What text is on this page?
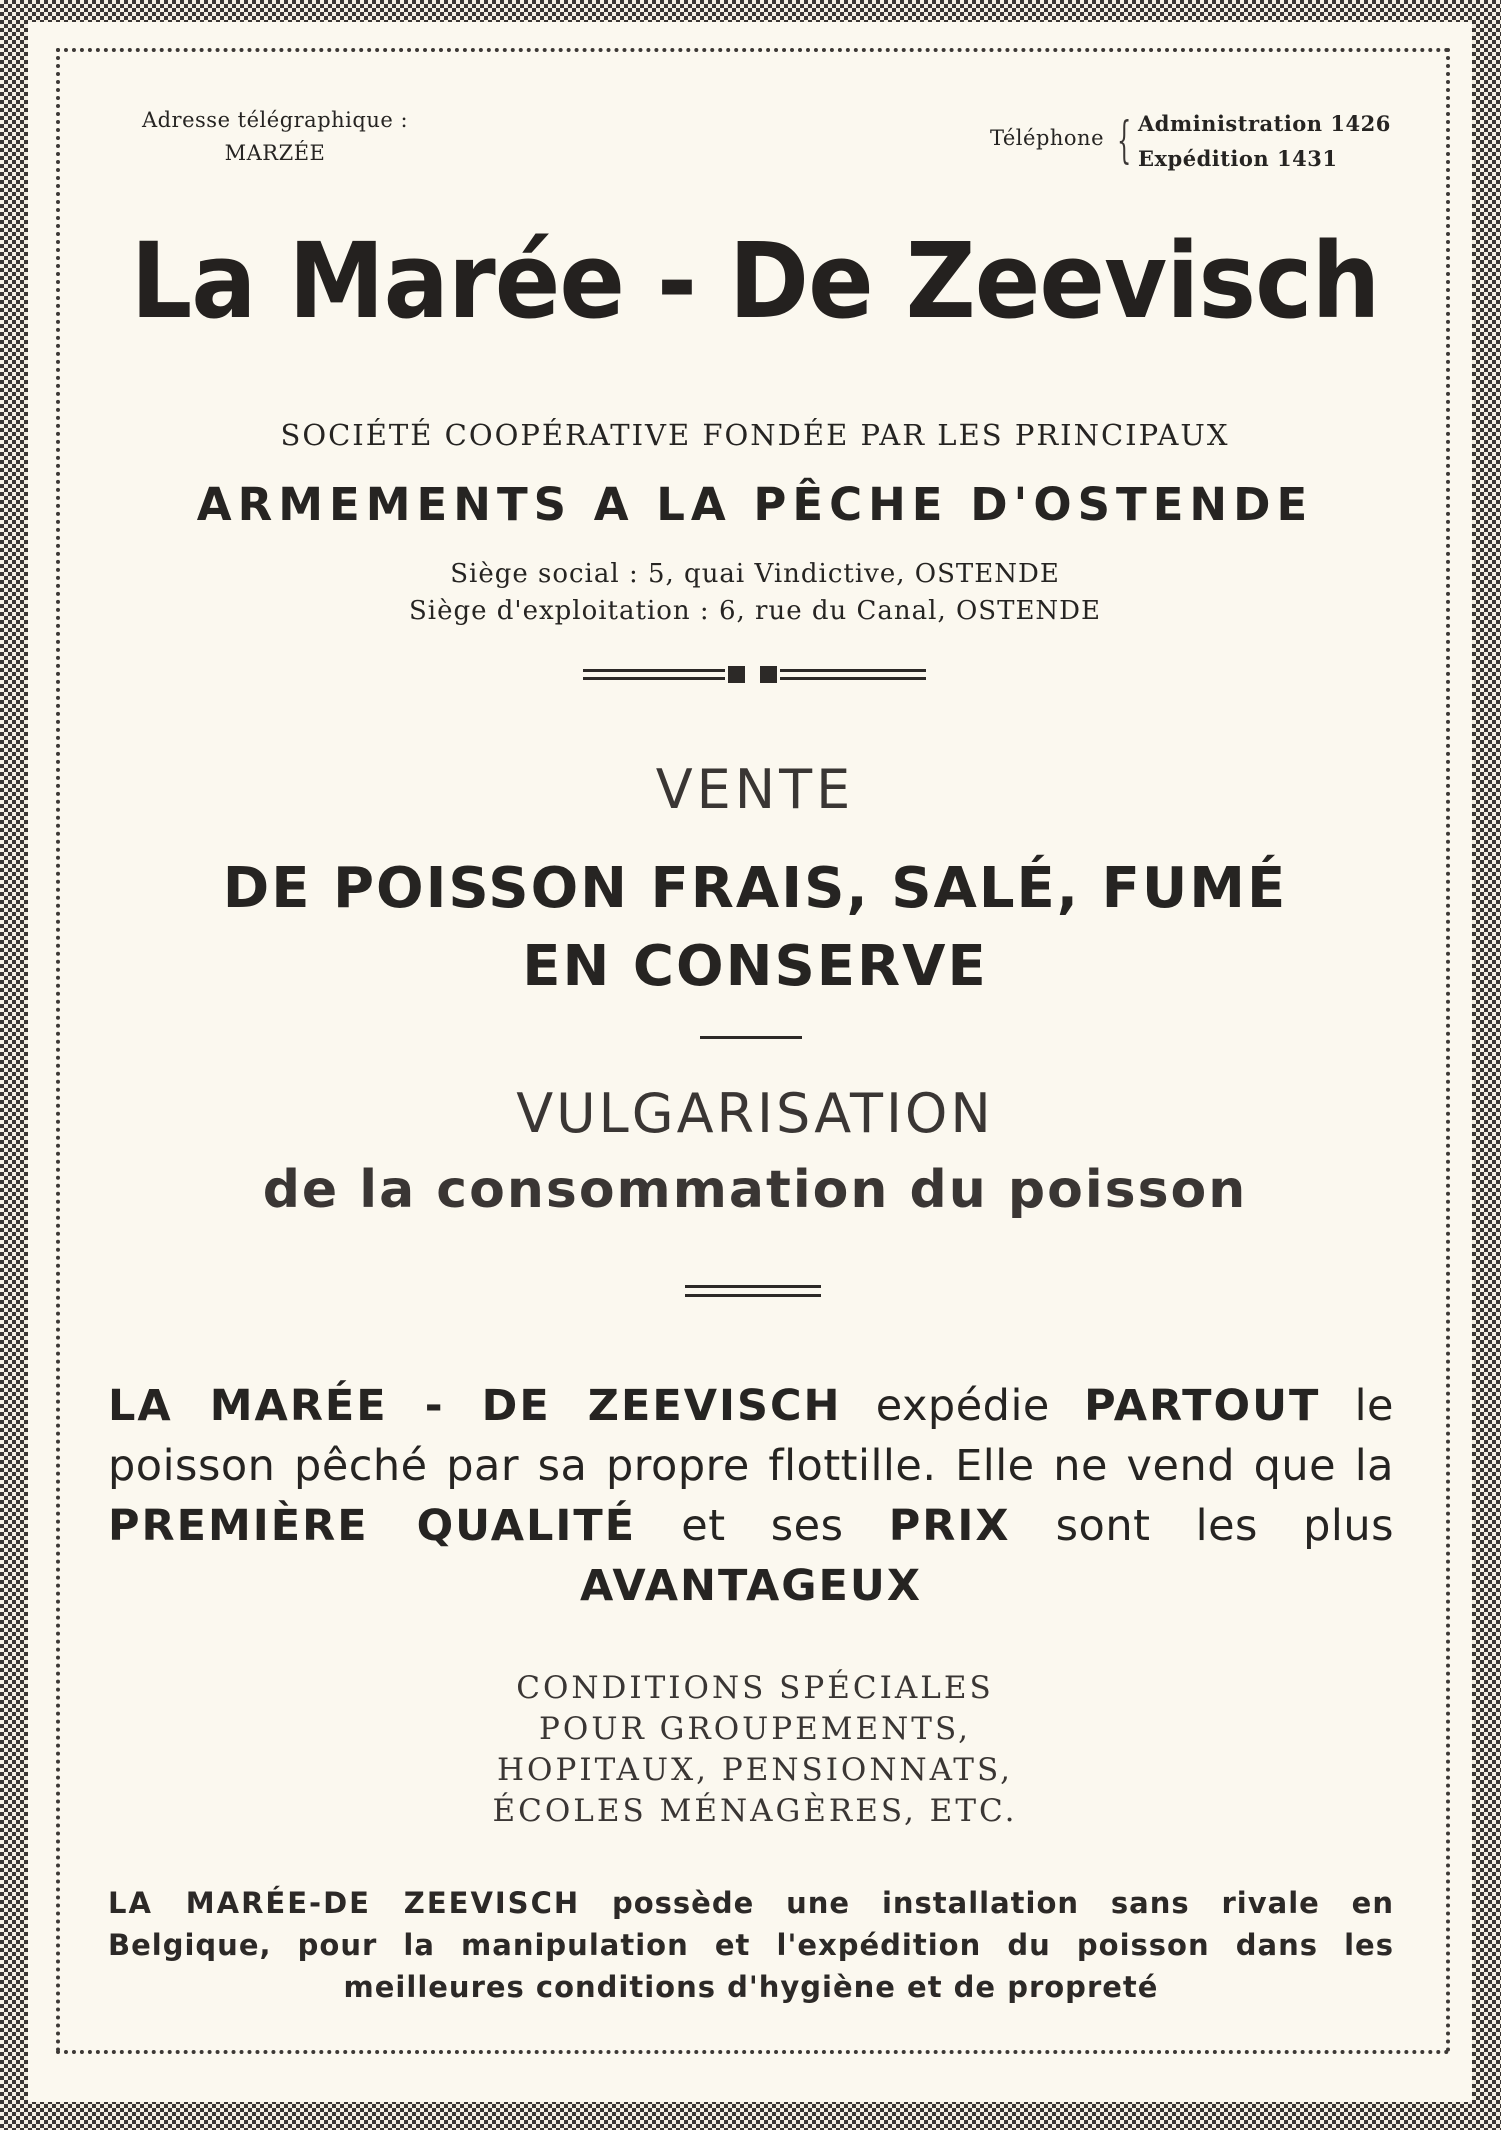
Adresse télégraphique :
MARZÉE
Téléphone { Administration 1426
Expédition 1431
La Marée - De Zeevisch
SOCIÉTÉ COOPÉRATIVE FONDÉE PAR LES PRINCIPAUX
ARMEMENTS A LA PÊCHE D'OSTENDE
Siège social : 5, quai Vindictive, OSTENDE
Siège d'exploitation : 6, rue du Canal, OSTENDE
VENTE
DE POISSON FRAIS, SALÉ, FUMÉ
EN CONSERVE
VULGARISATION
de la consommation du poisson
LA MARÉE - DE ZEEVISCH expédie PARTOUT le poisson pêché par sa propre flottille. Elle ne vend que la PREMIÈRE QUALITÉ et ses PRIX sont les plus AVANTAGEUX
CONDITIONS SPÉCIALES
POUR GROUPEMENTS,
HOPITAUX, PENSIONNATS,
ÉCOLES MÉNAGÈRES, ETC.
LA MARÉE-DE ZEEVISCH possède une installation sans rivale en Belgique, pour la manipulation et l'expédition du poisson dans les meilleures conditions d'hygiène et de propreté
